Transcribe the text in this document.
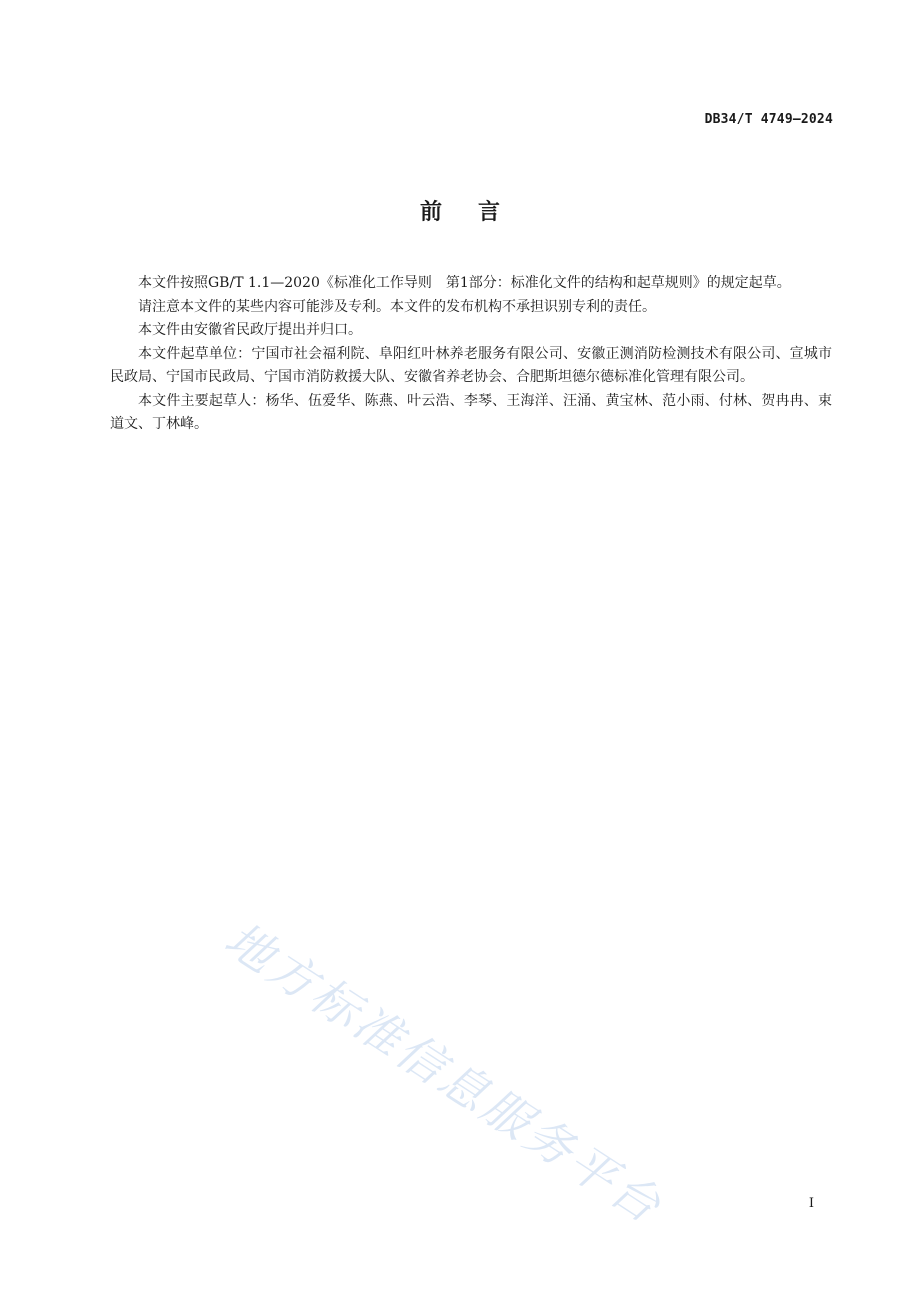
DB34/T 4749—2024
前言

本文件按照GB/T 1.1—2020《标准化工作导则　第1部分：标准化文件的结构和起草规则》的规定起草。

请注意本文件的某些内容可能涉及专利。本文件的发布机构不承担识别专利的责任。

本文件由安徽省民政厅提出并归口。

本文件起草单位：宁国市社会福利院、阜阳红叶林养老服务有限公司、安徽正测消防检测技术有限公司、宣城市民政局、宁国市民政局、宁国市消防救援大队、安徽省养老协会、合肥斯坦德尔德标准化管理有限公司。

本文件主要起草人：杨华、伍爱华、陈燕、叶云浩、李琴、王海洋、汪涌、黄宝林、范小雨、付林、贺冉冉、束道文、丁林峰。

地方标准信息服务平台	I
